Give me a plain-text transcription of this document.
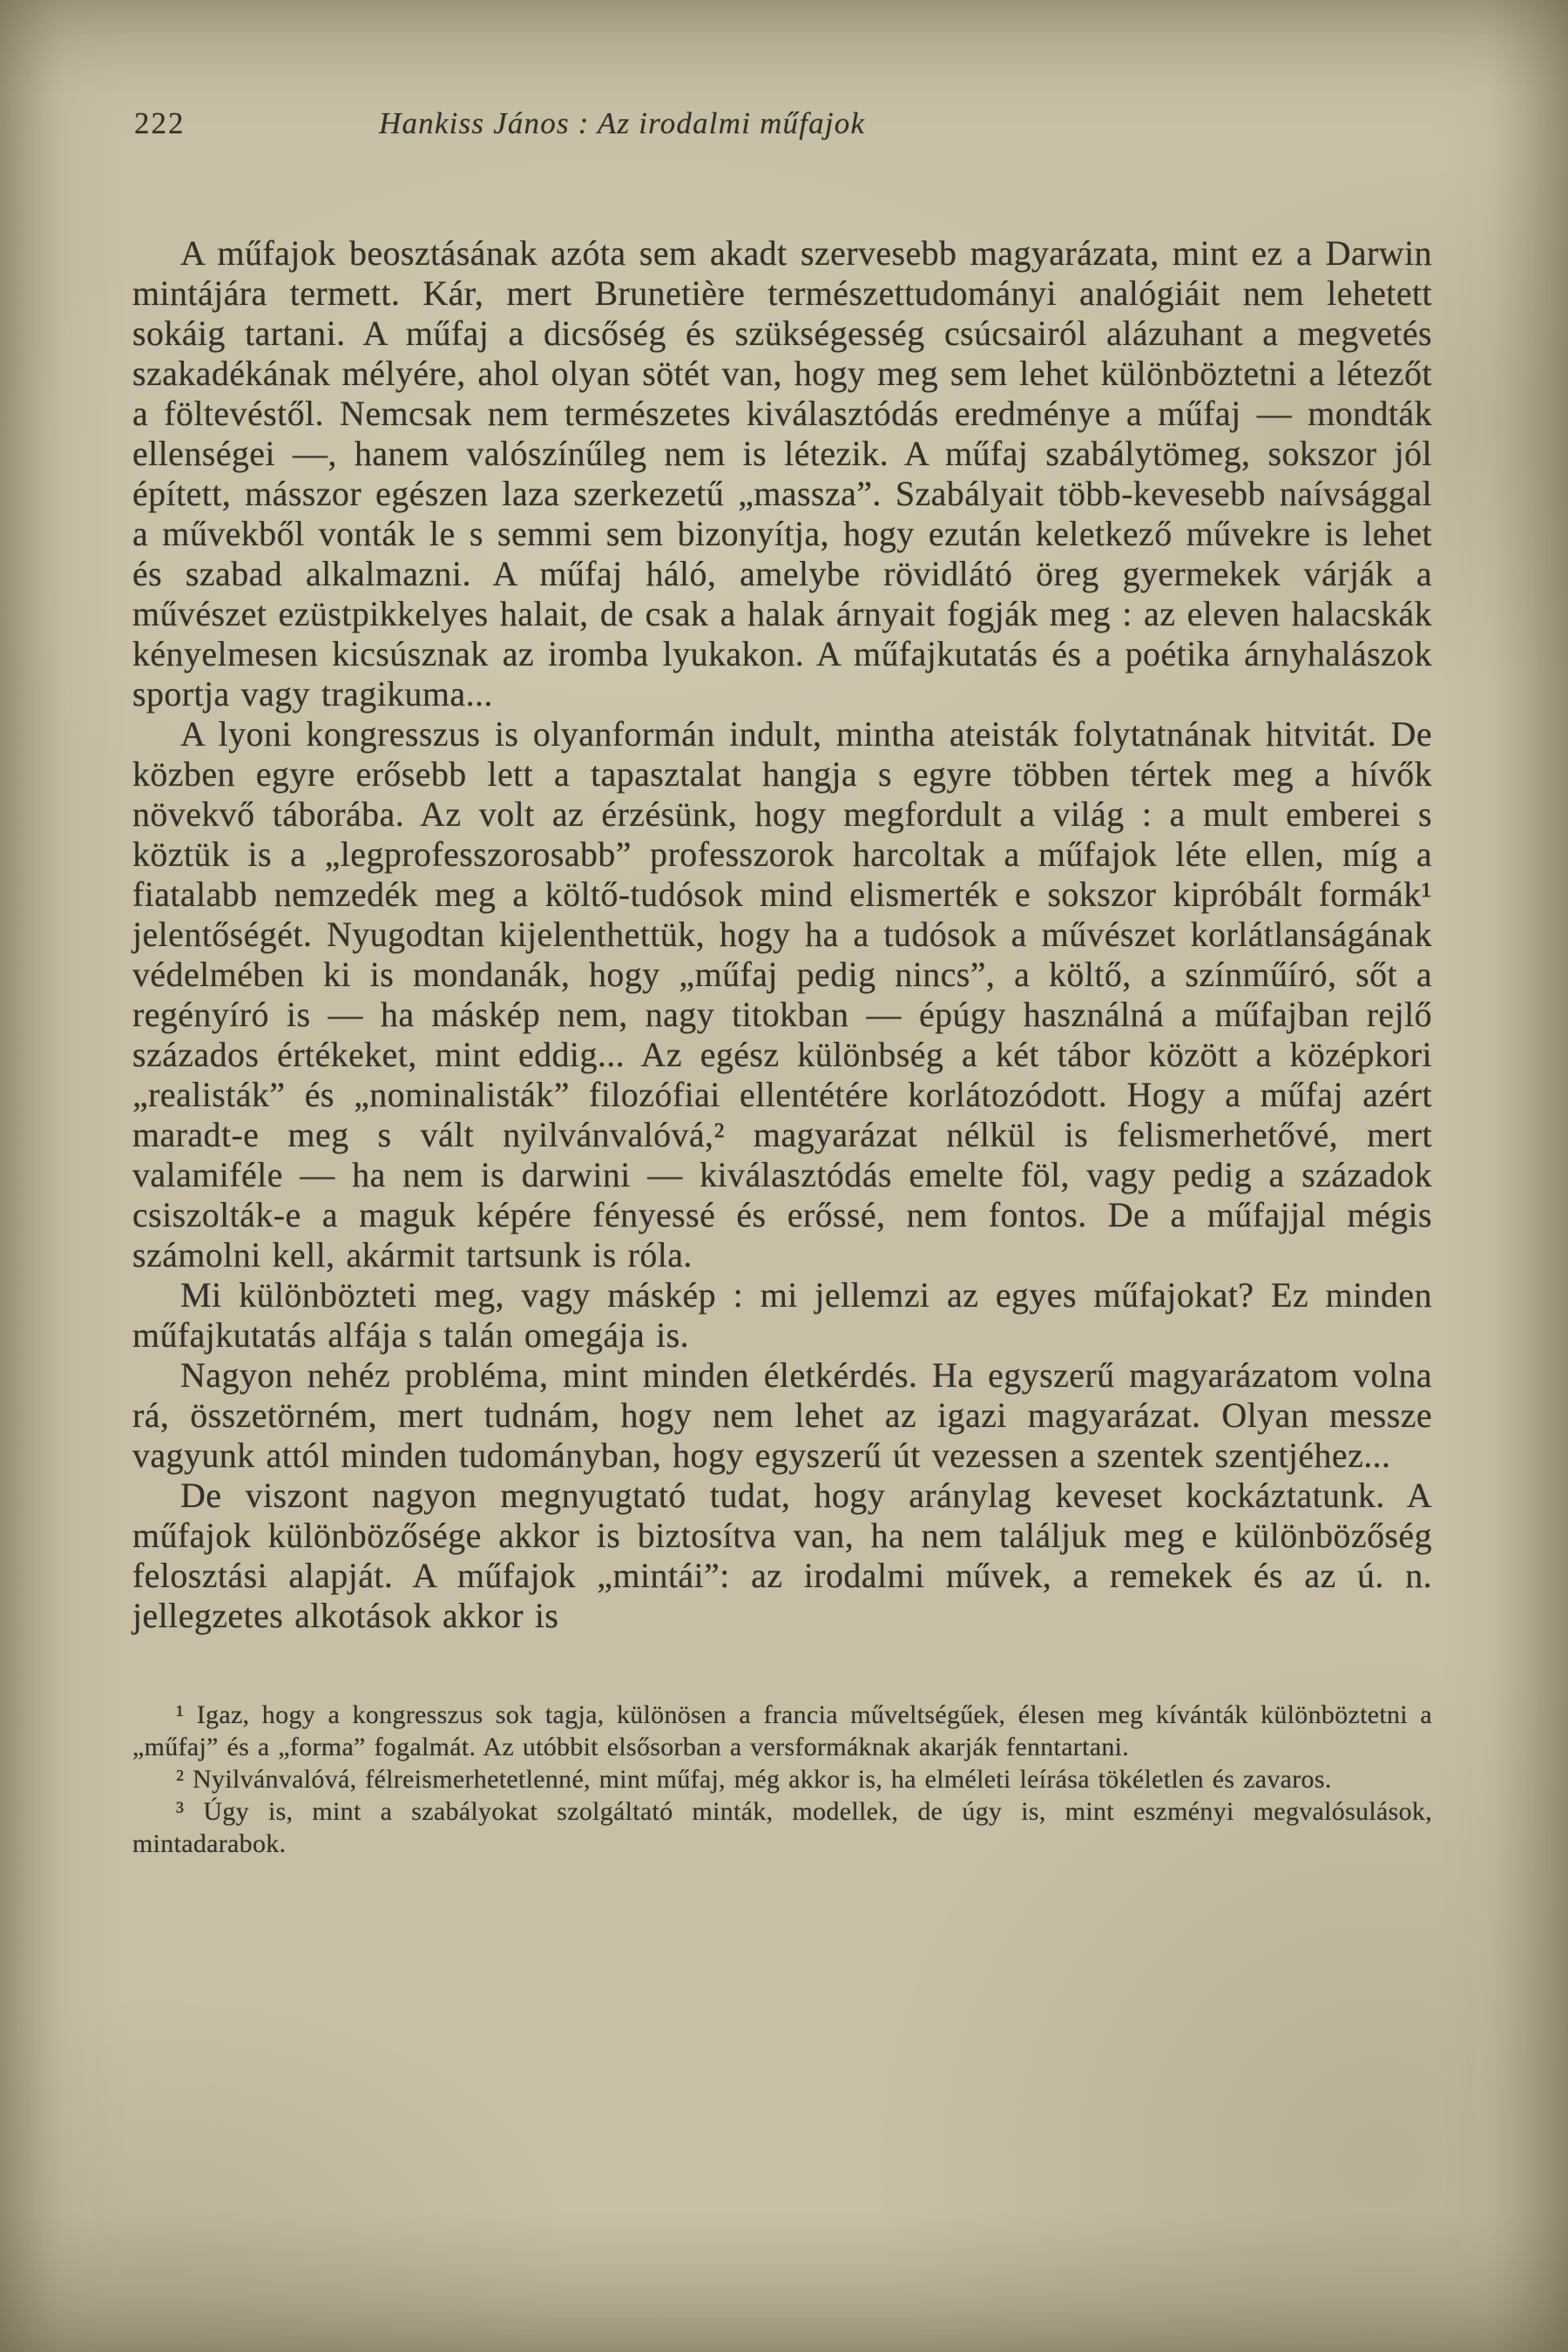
222	Hankiss János : Az irodalmi műfajok

A műfajok beosztásának azóta sem akadt szervesebb magyarázata, mint ez a Darwin mintájára termett. Kár, mert Brunetière természettudományi analógiáit nem lehetett sokáig tartani. A műfaj a dicsőség és szükségesség csúcsairól alázuhant a megvetés szakadékának mélyére, ahol olyan sötét van, hogy meg sem lehet különböztetni a létezőt a föltevéstől. Nemcsak nem természetes kiválasztódás eredménye a műfaj — mondták ellenségei —, hanem valószínűleg nem is létezik. A műfaj szabálytömeg, sokszor jól épített, másszor egészen laza szerkezetű „massza”. Szabályait több-kevesebb naívsággal a művekből vonták le s semmi sem bizonyítja, hogy ezután keletkező művekre is lehet és szabad alkalmazni. A műfaj háló, amelybe rövidlátó öreg gyermekek várják a művészet ezüstpikkelyes halait, de csak a halak árnyait fogják meg : az eleven halacskák kényelmesen kicsúsznak az iromba lyukakon. A műfajkutatás és a poétika árnyhalászok sportja vagy tragikuma...

A lyoni kongresszus is olyanformán indult, mintha ateisták folytatnának hitvitát. De közben egyre erősebb lett a tapasztalat hangja s egyre többen tértek meg a hívők növekvő táborába. Az volt az érzésünk, hogy megfordult a világ : a mult emberei s köztük is a „legprofesszorosabb” professzorok harcoltak a műfajok léte ellen, míg a fiatalabb nemzedék meg a költő-tudósok mind elismerték e sokszor kipróbált formák¹ jelentőségét. Nyugodtan kijelenthettük, hogy ha a tudósok a művészet korlátlanságának védelmében ki is mondanák, hogy „műfaj pedig nincs”, a költő, a színműíró, sőt a regényíró is — ha máskép nem, nagy titokban — épúgy használná a műfajban rejlő százados értékeket, mint eddig... Az egész különbség a két tábor között a középkori „realisták” és „nominalisták” filozófiai ellentétére korlátozódott. Hogy a műfaj azért maradt-e meg s vált nyilvánvalóvá,² magyarázat nélkül is felismerhetővé, mert valamiféle — ha nem is darwini — kiválasztódás emelte föl, vagy pedig a századok csiszolták-e a maguk képére fényessé és erőssé, nem fontos. De a műfajjal mégis számolni kell, akármit tartsunk is róla.

Mi különbözteti meg, vagy máskép : mi jellemzi az egyes műfajokat? Ez minden műfajkutatás alfája s talán omegája is.

Nagyon nehéz probléma, mint minden életkérdés. Ha egyszerű magyarázatom volna rá, összetörném, mert tudnám, hogy nem lehet az igazi magyarázat. Olyan messze vagyunk attól minden tudományban, hogy egyszerű út vezessen a szentek szentjéhez...

De viszont nagyon megnyugtató tudat, hogy aránylag keveset kockáztatunk. A műfajok különbözősége akkor is biztosítva van, ha nem találjuk meg e különbözőség felosztási alapját. A műfajok „mintái”: az irodalmi művek, a remekek és az ú. n. jellegzetes alkotások akkor is

¹ Igaz, hogy a kongresszus sok tagja, különösen a francia műveltségűek, élesen meg kívánták különböztetni a „műfaj” és a „forma” fogalmát. Az utóbbit elsősorban a versformáknak akarják fenntartani.

² Nyilvánvalóvá, félreismerhetetlenné, mint műfaj, még akkor is, ha elméleti leírása tökéletlen és zavaros.

³ Úgy is, mint a szabályokat szolgáltató minták, modellek, de úgy is, mint eszményi megvalósulások, mintadarabok.
